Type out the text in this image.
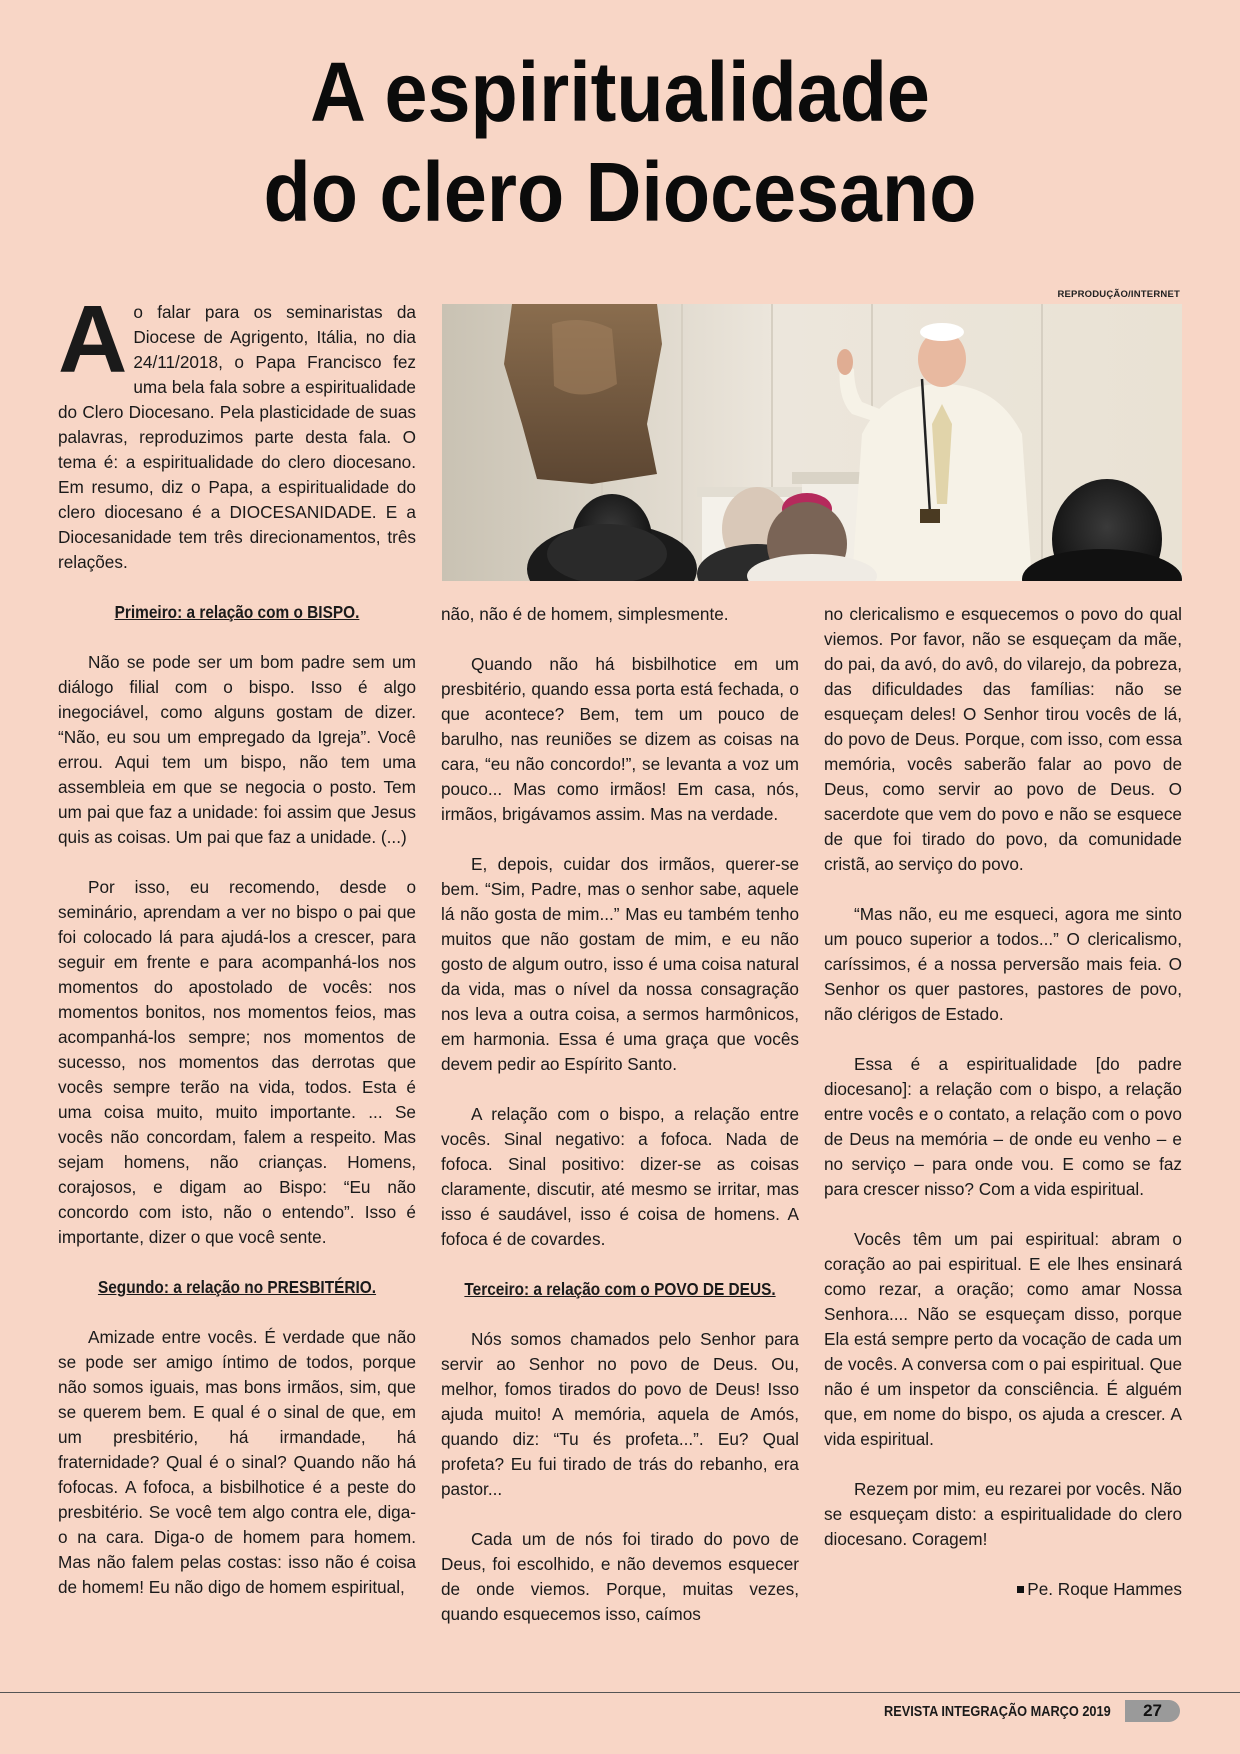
A espiritualidade
do clero Diocesano
REPRODUÇÃO/INTERNET

Ao falar para os seminaristas da Diocese de Agrigento, Itália, no dia 24/11/2018, o Papa Francisco fez uma bela fala sobre a espiritualidade do Clero Diocesano. Pela plasticidade de suas palavras, reproduzimos parte desta fala. O tema é: a espiritualidade do clero diocesano. Em resumo, diz o Papa, a espiritualidade do clero diocesano é a DIOCESANIDADE. E a Diocesanidade tem três direcionamentos, três relações.

Primeiro: a relação com o BISPO.

Não se pode ser um bom padre sem um diálogo filial com o bispo. Isso é algo inegociável, como alguns gostam de dizer. “Não, eu sou um empregado da Igreja”. Você errou. Aqui tem um bispo, não tem uma assembleia em que se negocia o posto. Tem um pai que faz a unidade: foi assim que Jesus quis as coisas. Um pai que faz a unidade. (...)

Por isso, eu recomendo, desde o seminário, aprendam a ver no bispo o pai que foi colocado lá para ajudá-los a crescer, para seguir em frente e para acompanhá-los nos momentos do apostolado de vocês: nos momentos bonitos, nos momentos feios, mas acompanhá-los sempre; nos momentos de sucesso, nos momentos das derrotas que vocês sempre terão na vida, todos. Esta é uma coisa muito, muito importante. ... Se vocês não concordam, falem a respeito. Mas sejam homens, não crianças. Homens, corajosos, e digam ao Bispo: “Eu não concordo com isto, não o entendo”. Isso é importante, dizer o que você sente.

Segundo: a relação no PRESBITÉRIO.

Amizade entre vocês. É verdade que não se pode ser amigo íntimo de todos, porque não somos iguais, mas bons irmãos, sim, que se querem bem. E qual é o sinal de que, em um presbitério, há irmandade, há fraternidade? Qual é o sinal? Quando não há fofocas. A fofoca, a bisbilhotice é a peste do presbitério. Se você tem algo contra ele, diga-o na cara. Diga-o de homem para homem. Mas não falem pelas costas: isso não é coisa de homem! Eu não digo de homem espiritual,

não, não é de homem, simplesmente.

Quando não há bisbilhotice em um presbitério, quando essa porta está fechada, o que acontece? Bem, tem um pouco de barulho, nas reuniões se dizem as coisas na cara, “eu não concordo!”, se levanta a voz um pouco... Mas como irmãos! Em casa, nós, irmãos, brigávamos assim. Mas na verdade.

E, depois, cuidar dos irmãos, querer-se bem. “Sim, Padre, mas o senhor sabe, aquele lá não gosta de mim...” Mas eu também tenho muitos que não gostam de mim, e eu não gosto de algum outro, isso é uma coisa natural da vida, mas o nível da nossa consagração nos leva a outra coisa, a sermos harmônicos, em harmonia. Essa é uma graça que vocês devem pedir ao Espírito Santo.

A relação com o bispo, a relação entre vocês. Sinal negativo: a fofoca. Nada de fofoca. Sinal positivo: dizer-se as coisas claramente, discutir, até mesmo se irritar, mas isso é saudável, isso é coisa de homens. A fofoca é de covardes.

Terceiro: a relação com o POVO DE DEUS.

Nós somos chamados pelo Senhor para servir ao Senhor no povo de Deus. Ou, melhor, fomos tirados do povo de Deus! Isso ajuda muito! A memória, aquela de Amós, quando diz: “Tu és profeta...”. Eu? Qual profeta? Eu fui tirado de trás do rebanho, era pastor...

Cada um de nós foi tirado do povo de Deus, foi escolhido, e não devemos esquecer de onde viemos. Porque, muitas vezes, quando esquecemos isso, caímos

no clericalismo e esquecemos o povo do qual viemos. Por favor, não se esqueçam da mãe, do pai, da avó, do avô, do vilarejo, da pobreza, das dificuldades das famílias: não se esqueçam deles! O Senhor tirou vocês de lá, do povo de Deus. Porque, com isso, com essa memória, vocês saberão falar ao povo de Deus, como servir ao povo de Deus. O sacerdote que vem do povo e não se esquece de que foi tirado do povo, da comunidade cristã, ao serviço do povo.

“Mas não, eu me esqueci, agora me sinto um pouco superior a todos...” O clericalismo, caríssimos, é a nossa perversão mais feia. O Senhor os quer pastores, pastores de povo, não clérigos de Estado.

Essa é a espiritualidade [do padre diocesano]: a relação com o bispo, a relação entre vocês e o contato, a relação com o povo de Deus na memória – de onde eu venho – e no serviço – para onde vou. E como se faz para crescer nisso? Com a vida espiritual.

Vocês têm um pai espiritual: abram o coração ao pai espiritual. E ele lhes ensinará como rezar, a oração; como amar Nossa Senhora.... Não se esqueçam disso, porque Ela está sempre perto da vocação de cada um de vocês. A conversa com o pai espiritual. Que não é um inspetor da consciência. É alguém que, em nome do bispo, os ajuda a crescer. A vida espiritual.

Rezem por mim, eu rezarei por vocês. Não se esqueçam disto: a espiritualidade do clero diocesano. Coragem!

Pe. Roque Hammes

REVISTA INTEGRAÇÃO MARÇO 2019	27
